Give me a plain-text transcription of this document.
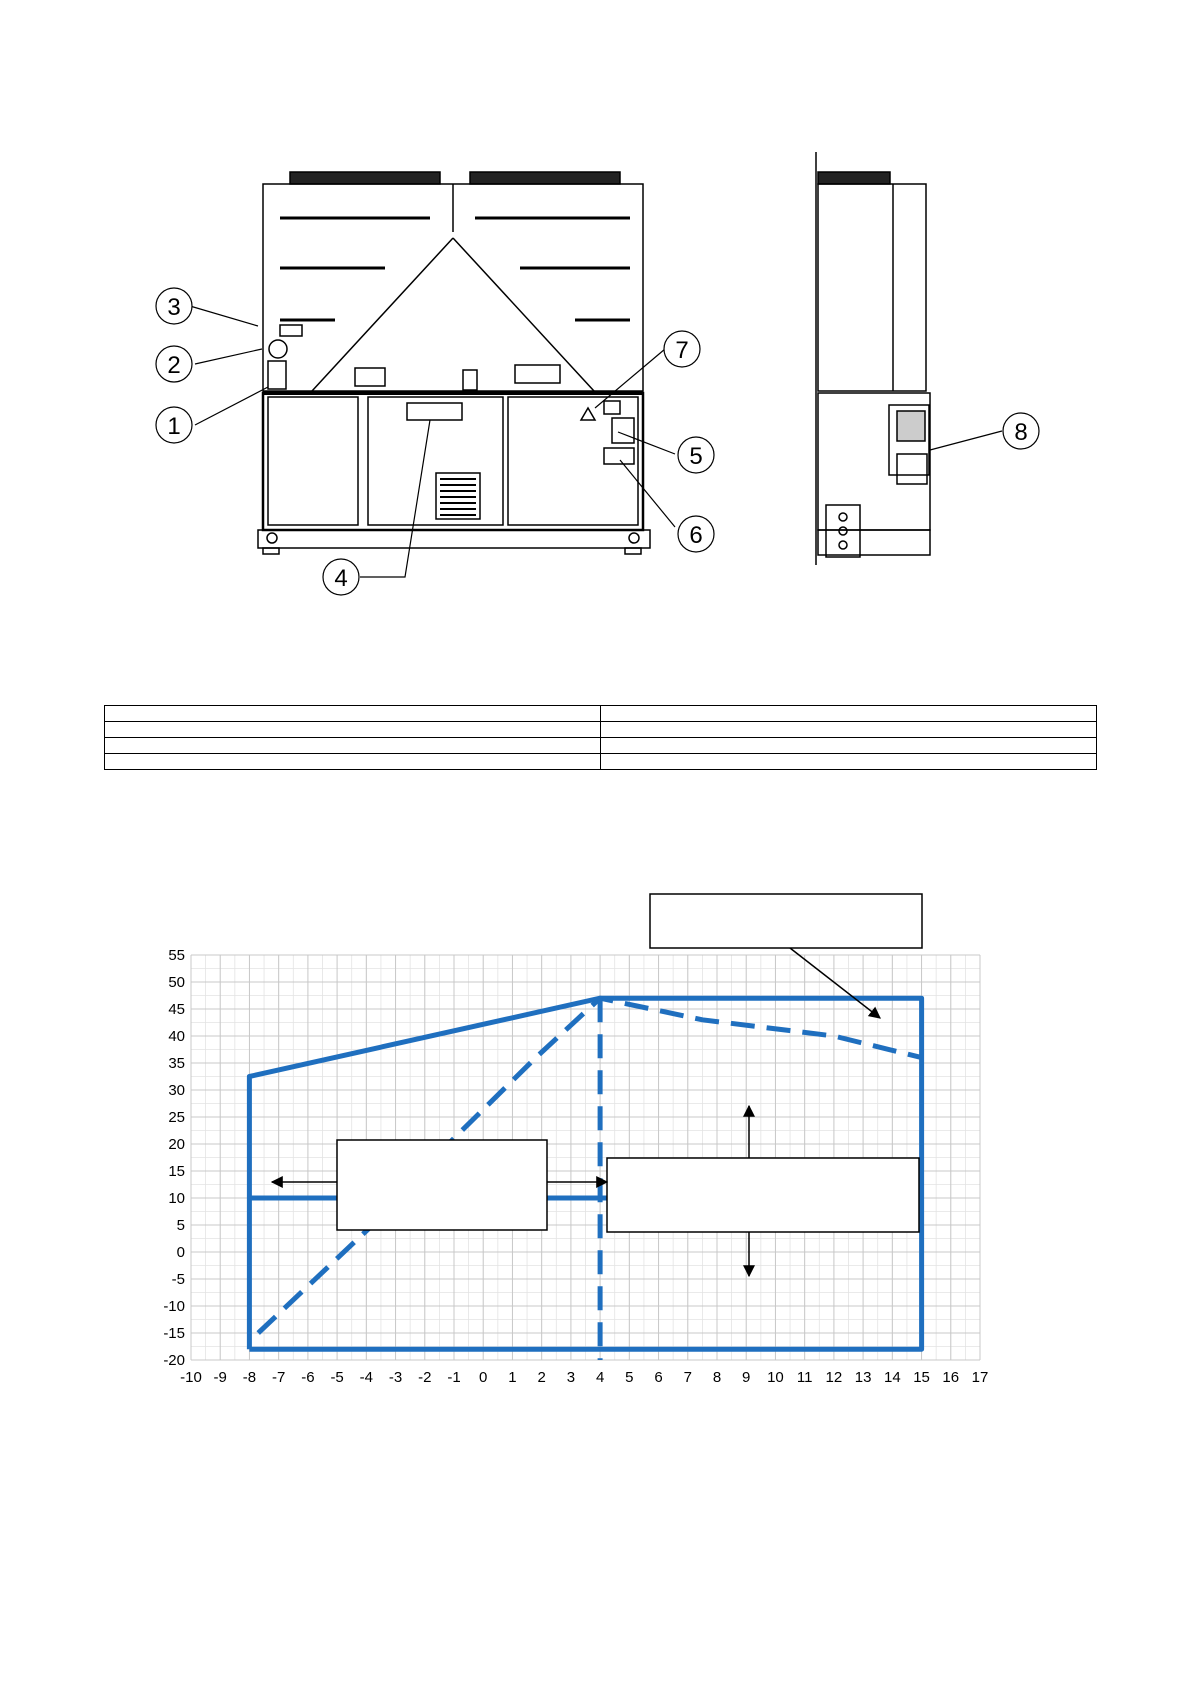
1
2
3
4
5
6
7
8

-20
-15
-10
-5
0
5
10
15
20
25
30
35
40
45
50
55
-10 -9 -8 -7 -6 -5 -4 -3 -2 -1 0 1 2 3 4 5 6 7 8 9 10 11 12 13 14 15 16 17
